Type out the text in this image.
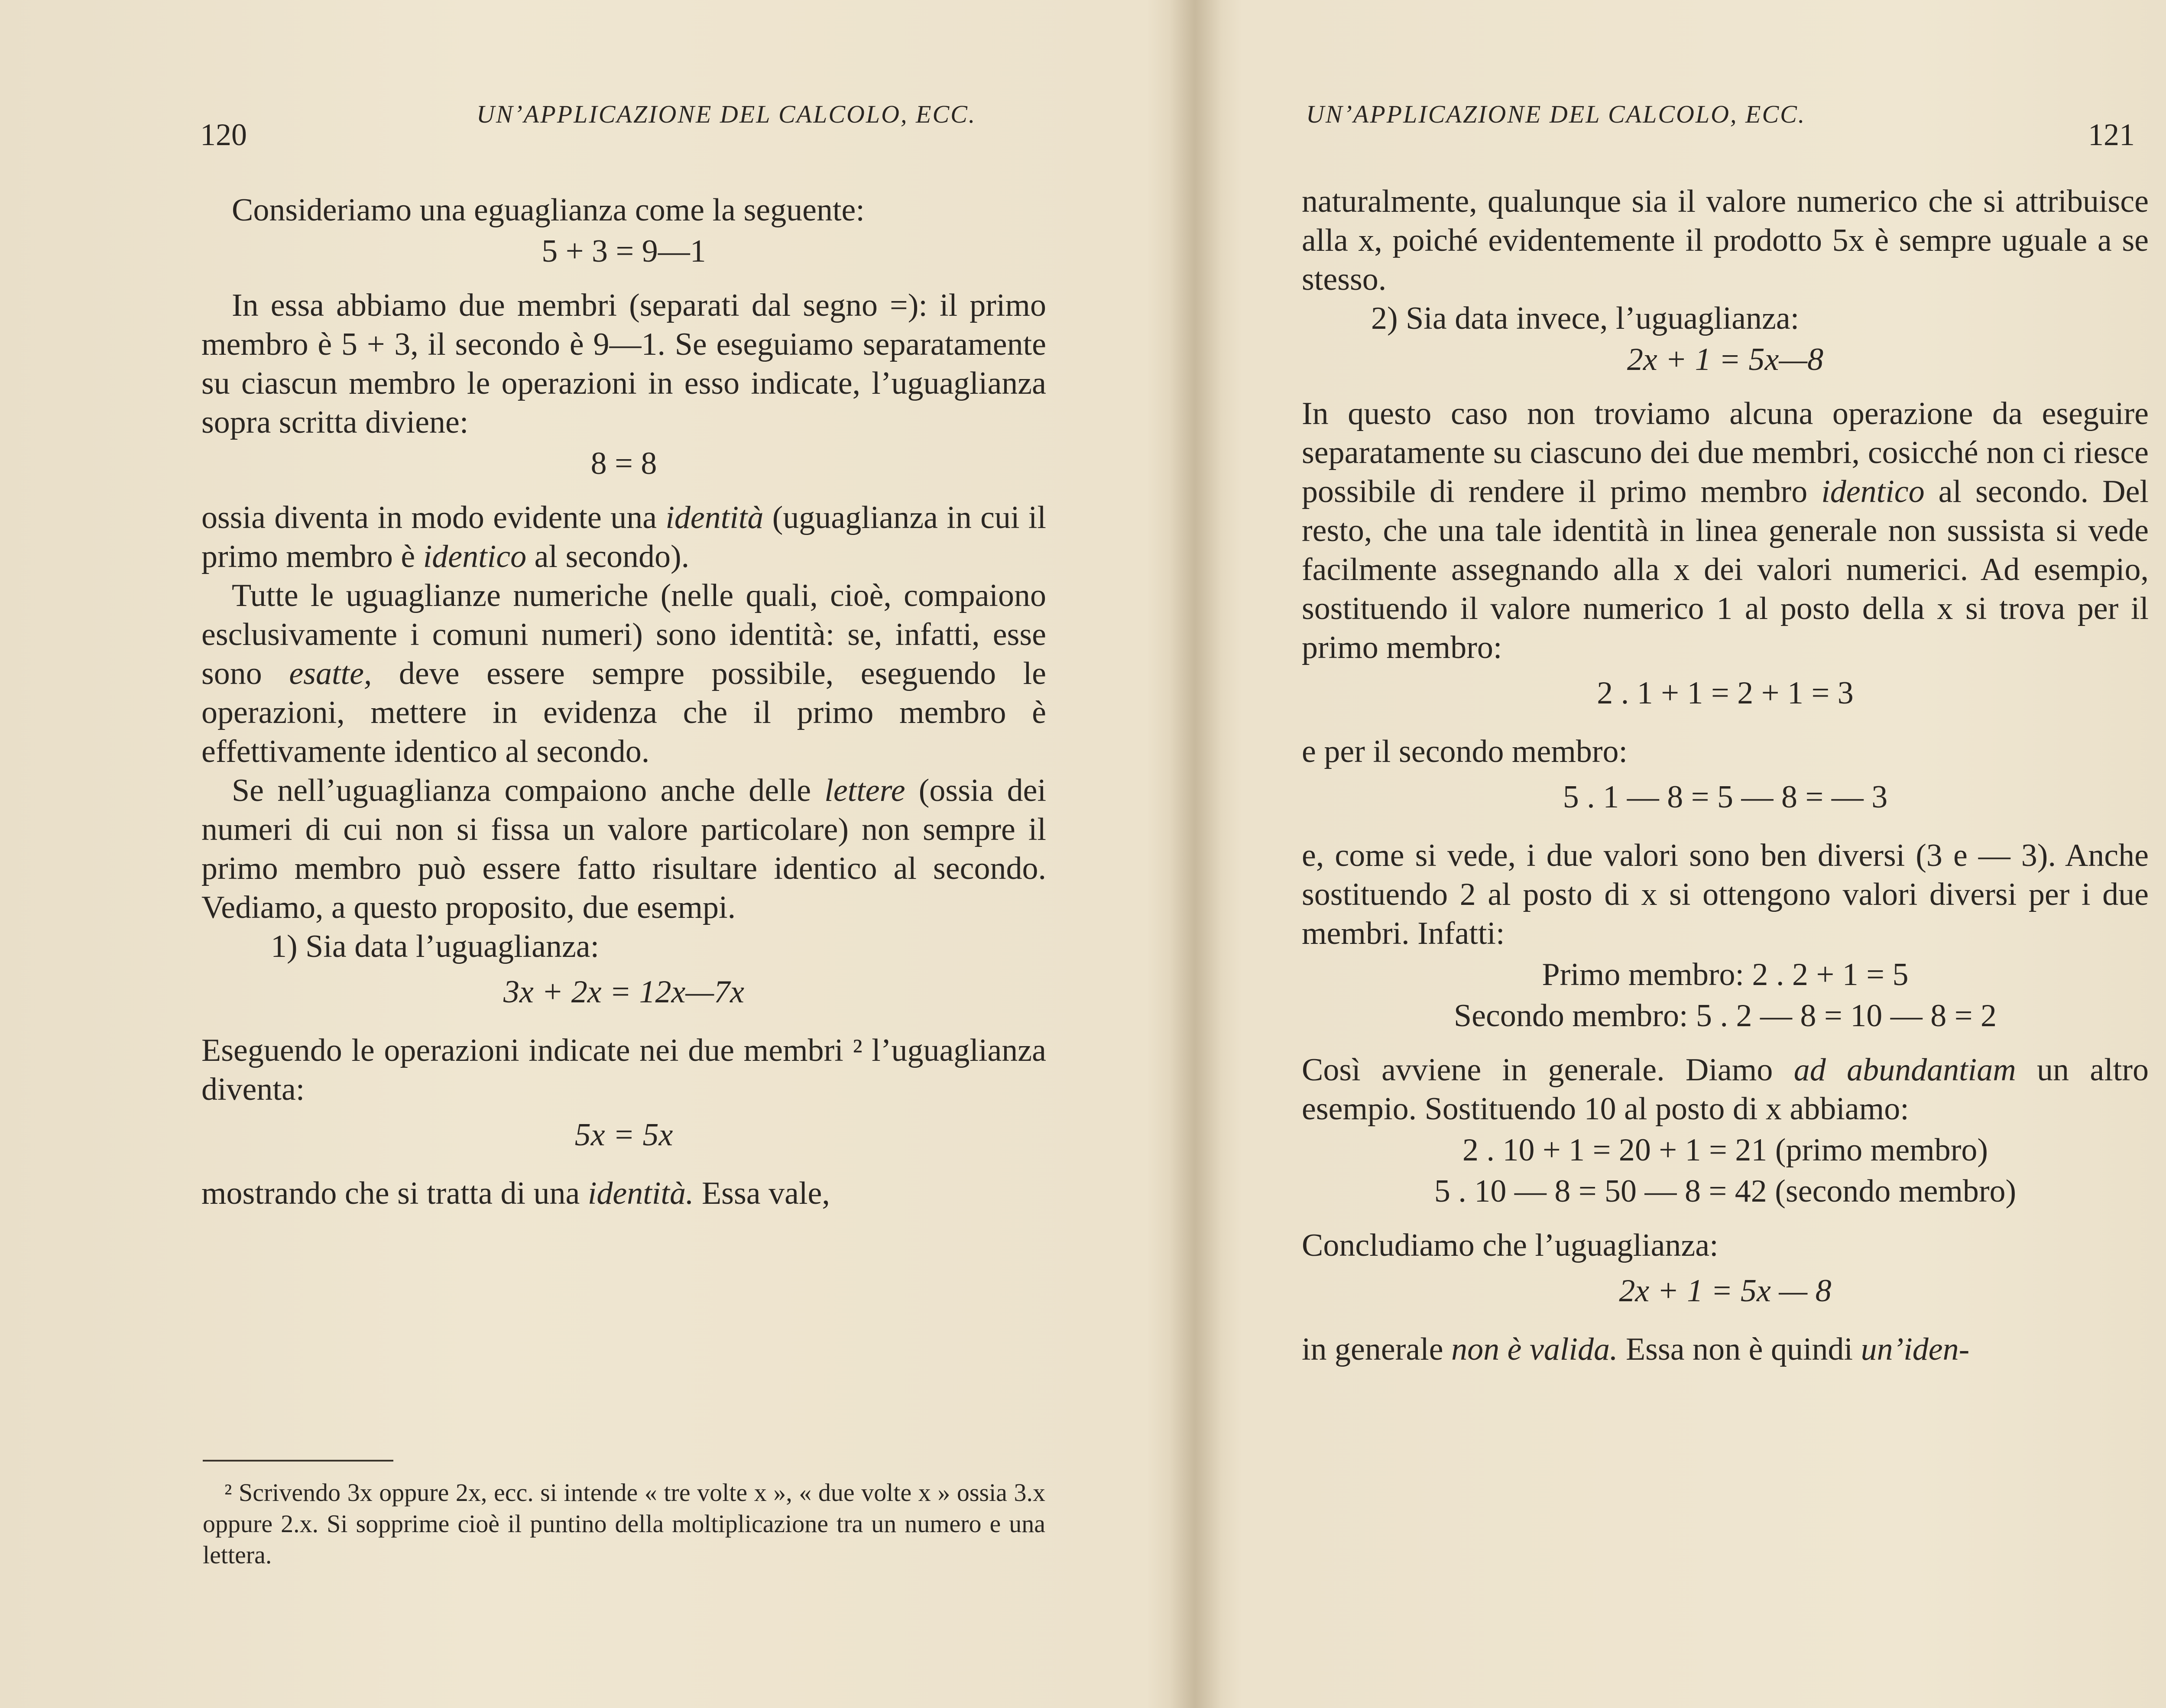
120
UN’APPLICAZIONE DEL CALCOLO, ECC.

Consideriamo una eguaglianza come la seguente:

5 + 3 = 9—1

In essa abbiamo due membri (separati dal segno =): il primo membro è 5 + 3, il secondo è 9—1. Se eseguiamo separatamente su ciascun membro le operazioni in esso indicate, l’uguaglianza sopra scritta diviene:

8 = 8

ossia diventa in modo evidente una identità (uguaglianza in cui il primo membro è identico al secondo).

Tutte le uguaglianze numeriche (nelle quali, cioè, compaiono esclusivamente i comuni numeri) sono identità: se, infatti, esse sono esatte, deve essere sempre possibile, eseguendo le operazioni, mettere in evidenza che il primo membro è effettivamente identico al secondo.

Se nell’uguaglianza compaiono anche delle lettere (ossia dei numeri di cui non si fissa un valore particolare) non sempre il primo membro può essere fatto risultare identico al secondo. Vediamo, a questo proposito, due esempi.

1) Sia data l’uguaglianza:

3x + 2x = 12x—7x

Eseguendo le operazioni indicate nei due membri ² l’uguaglianza diventa:

5x = 5x

mostrando che si tratta di una identità. Essa vale,

² Scrivendo 3x oppure 2x, ecc. si intende « tre volte x », « due volte x » ossia 3.x oppure 2.x. Si sopprime cioè il puntino della moltiplicazione tra un numero e una lettera.

UN’APPLICAZIONE DEL CALCOLO, ECC.
121

naturalmente, qualunque sia il valore numerico che si attribuisce alla x, poiché evidentemente il prodotto 5x è sempre uguale a se stesso.

2) Sia data invece, l’uguaglianza:

2x + 1 = 5x—8

In questo caso non troviamo alcuna operazione da eseguire separatamente su ciascuno dei due membri, cosicché non ci riesce possibile di rendere il primo membro identico al secondo. Del resto, che una tale identità in linea generale non sussista si vede facilmente assegnando alla x dei valori numerici. Ad esempio, sostituendo il valore numerico 1 al posto della x si trova per il primo membro:

2 . 1 + 1 = 2 + 1 = 3

e per il secondo membro:

5 . 1 — 8 = 5 — 8 = — 3

e, come si vede, i due valori sono ben diversi (3 e — 3). Anche sostituendo 2 al posto di x si ottengono valori diversi per i due membri. Infatti:

Primo membro: 2 . 2 + 1 = 5

Secondo membro: 5 . 2 — 8 = 10 — 8 = 2

Così avviene in generale. Diamo ad abundantiam un altro esempio. Sostituendo 10 al posto di x abbiamo:

2 . 10 + 1 = 20 + 1 = 21 (primo membro)

5 . 10 — 8 = 50 — 8 = 42 (secondo membro)

Concludiamo che l’uguaglianza:

2x + 1 = 5x — 8

in generale non è valida. Essa non è quindi un’iden-
